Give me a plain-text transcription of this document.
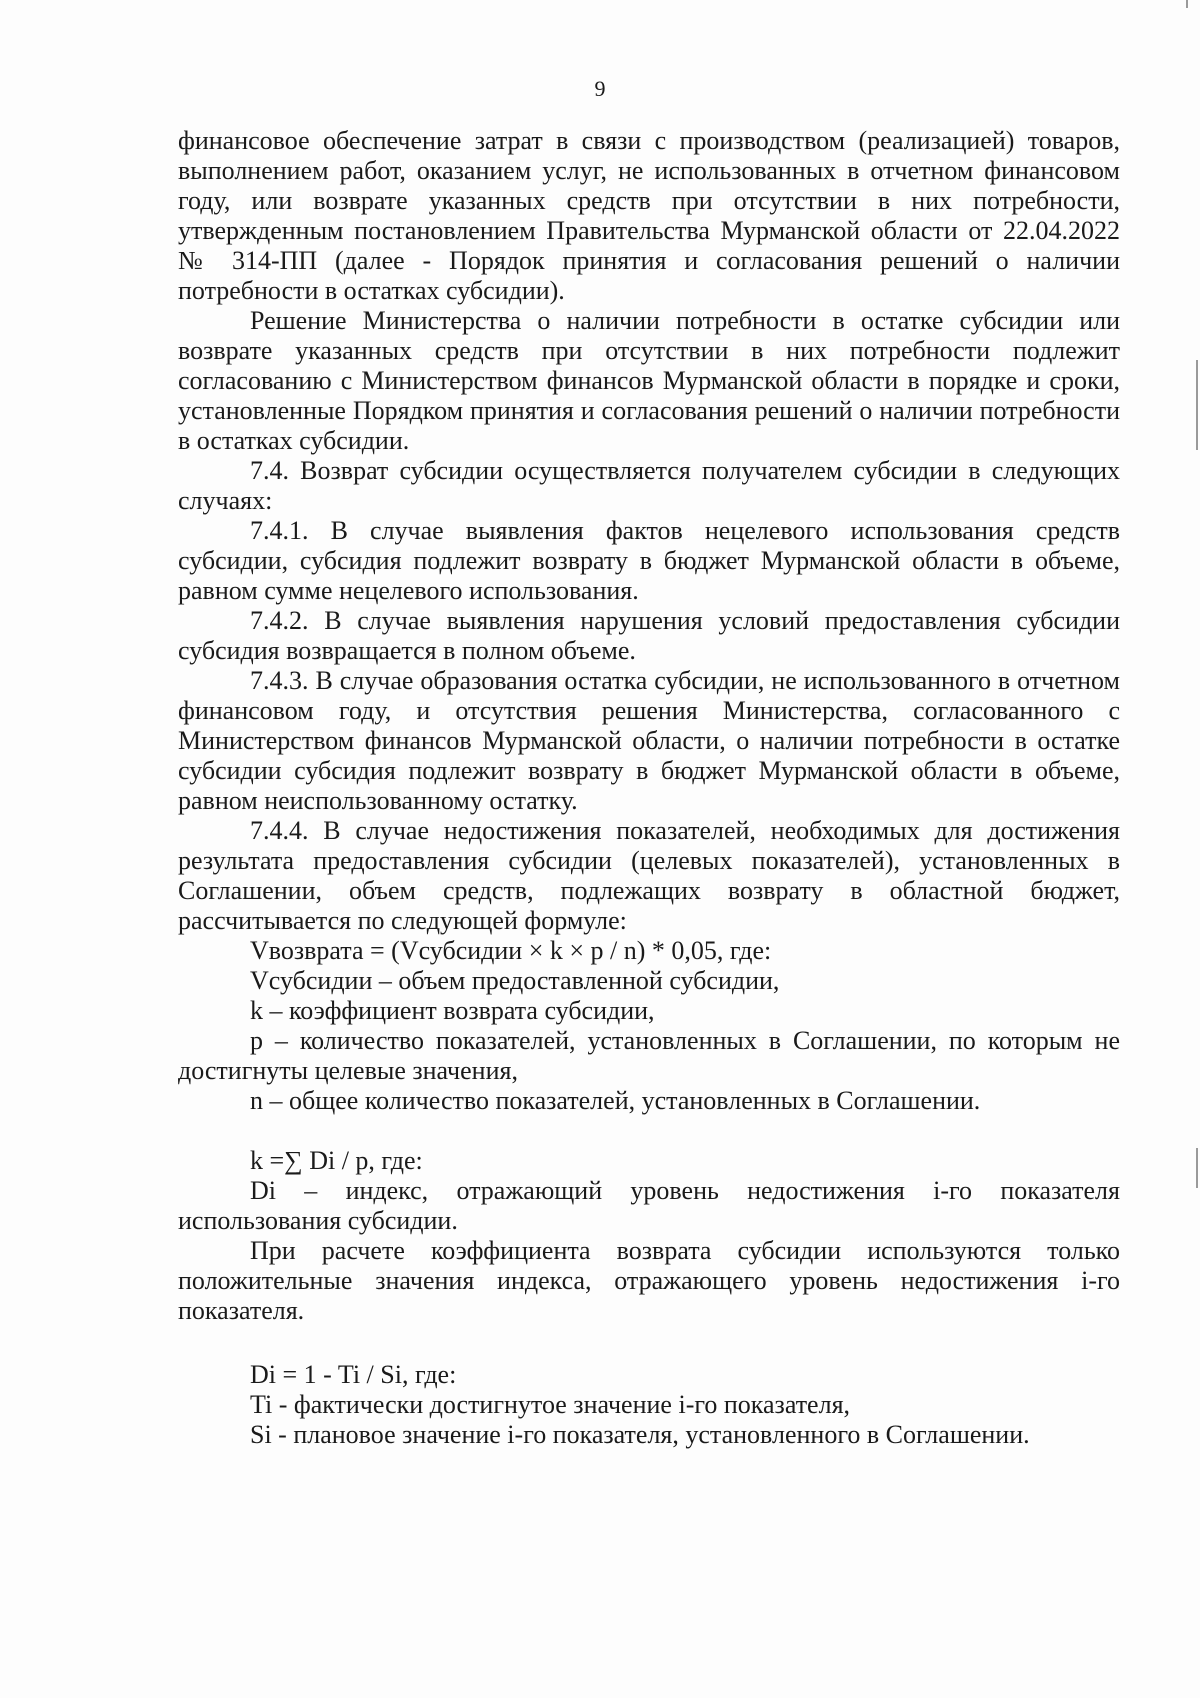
9

финансовое обеспечение затрат в связи с производством (реализацией) товаров, выполнением работ, оказанием услуг, не использованных в отчетном финансовом году, или возврате указанных средств при отсутствии в них потребности, утвержденным постановлением Правительства Мурманской области от 22.04.2022 № 314-ПП (далее - Порядок принятия и согласования решений о наличии потребности в остатках субсидии).

Решение Министерства о наличии потребности в остатке субсидии или возврате указанных средств при отсутствии в них потребности подлежит согласованию с Министерством финансов Мурманской области в порядке и сроки, установленные Порядком принятия и согласования решений о наличии потребности в остатках субсидии.

7.4. Возврат субсидии осуществляется получателем субсидии в следующих случаях:

7.4.1. В случае выявления фактов нецелевого использования средств субсидии, субсидия подлежит возврату в бюджет Мурманской области в объеме, равном сумме нецелевого использования.

7.4.2. В случае выявления нарушения условий предоставления субсидии субсидия возвращается в полном объеме.

7.4.3. В случае образования остатка субсидии, не использованного в отчетном финансовом году, и отсутствия решения Министерства, согласованного с Министерством финансов Мурманской области, о наличии потребности в остатке субсидии субсидия подлежит возврату в бюджет Мурманской области в объеме, равном неиспользованному остатку.

7.4.4. В случае недостижения показателей, необходимых для достижения результата предоставления субсидии (целевых показателей), установленных в Соглашении, объем средств, подлежащих возврату в областной бюджет, рассчитывается по следующей формуле:

Vвозврата = (Vсубсидии × k × p / n) * 0,05, где:

Vсубсидии – объем предоставленной субсидии,

k – коэффициент возврата субсидии,

p – количество показателей, установленных в Соглашении, по которым не достигнуты целевые значения,

n – общее количество показателей, установленных в Соглашении.

k =∑ Di / p, где:

Di – индекс, отражающий уровень недостижения i-го показателя использования субсидии.

При расчете коэффициента возврата субсидии используются только положительные значения индекса, отражающего уровень недостижения i-го показателя.

Di = 1 - Ti / Si, где:

Ti - фактически достигнутое значение i-го показателя,

Si - плановое значение i-го показателя, установленного в Соглашении.
